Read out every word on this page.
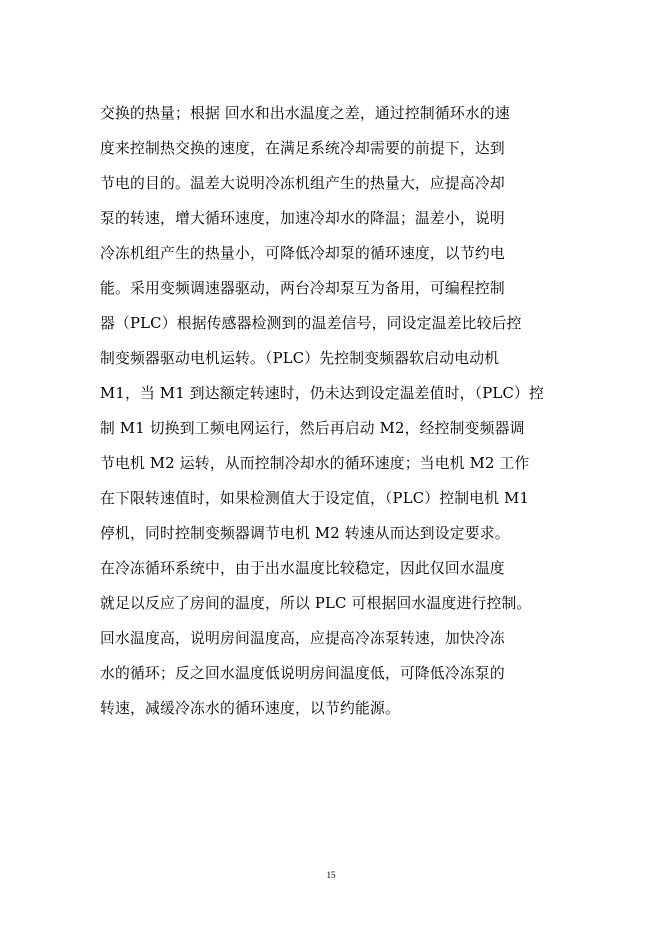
交换的热量；根据 回水和出水温度之差，通过控制循环水的速
度来控制热交换的速度，在满足系统冷却需要的前提下，达到
节电的目的。温差大说明冷冻机组产生的热量大，应提高冷却
泵的转速，增大循环速度，加速冷却水的降温；温差小，说明
冷冻机组产生的热量小，可降低冷却泵的循环速度，以节约电
能。采用变频调速器驱动，两台冷却泵互为备用，可编程控制
器（PLC）根据传感器检测到的温差信号，同设定温差比较后控
制变频器驱动电机运转。（PLC）先控制变频器软启动电动机
M1，当 M1 到达额定转速时，仍未达到设定温差值时，（PLC）控
制 M1 切换到工频电网运行，然后再启动 M2，经控制变频器调
节电机 M2 运转，从而控制冷却水的循环速度；当电机 M2 工作
在下限转速值时，如果检测值大于设定值，（PLC）控制电机 M1
停机，同时控制变频器调节电机 M2 转速从而达到设定要求。
在冷冻循环系统中，由于出水温度比较稳定，因此仅回水温度
就足以反应了房间的温度，所以 PLC 可根据回水温度进行控制。
回水温度高，说明房间温度高，应提高冷冻泵转速，加快冷冻
水的循环；反之回水温度低说明房间温度低，可降低冷冻泵的
转速，减缓冷冻水的循环速度，以节约能源。
15
